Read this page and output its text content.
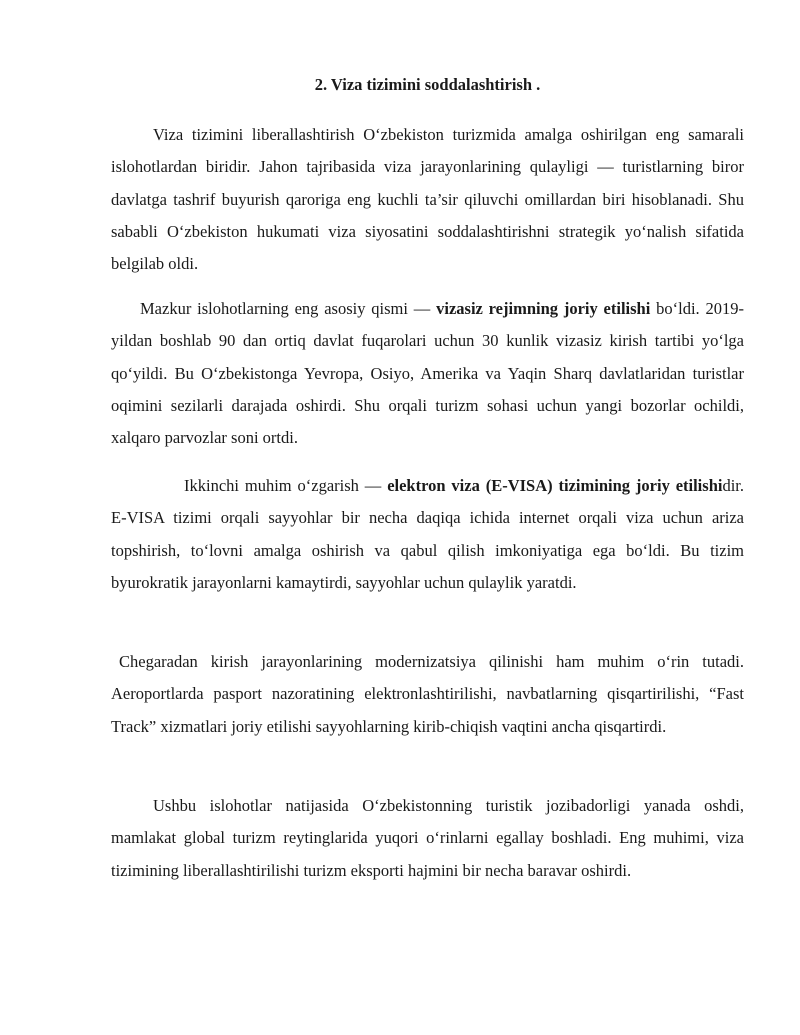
2. Viza tizimini soddalashtirish .

Viza tizimini liberallashtirish O‘zbekiston turizmida amalga oshirilgan eng samarali islohotlardan biridir. Jahon tajribasida viza jarayonlarining qulayligi — turistlarning biror davlatga tashrif buyurish qaroriga eng kuchli ta’sir qiluvchi omillardan biri hisoblanadi. Shu sababli O‘zbekiston hukumati viza siyosatini soddalashtirishni strategik yo‘nalish sifatida belgilab oldi.

Mazkur islohotlarning eng asosiy qismi — vizasiz rejimning joriy etilishi bo‘ldi. 2019-yildan boshlab 90 dan ortiq davlat fuqarolari uchun 30 kunlik vizasiz kirish tartibi yo‘lga qo‘yildi. Bu O‘zbekistonga Yevropa, Osiyo, Amerika va Yaqin Sharq davlatlaridan turistlar oqimini sezilarli darajada oshirdi. Shu orqali turizm sohasi uchun yangi bozorlar ochildi, xalqaro parvozlar soni ortdi.

Ikkinchi muhim o‘zgarish — elektron viza (E-VISA) tizimining joriy etilishidir. E-VISA tizimi orqali sayyohlar bir necha daqiqa ichida internet orqali viza uchun ariza topshirish, to‘lovni amalga oshirish va qabul qilish imkoniyatiga ega bo‘ldi. Bu tizim byurokratik jarayonlarni kamaytirdi, sayyohlar uchun qulaylik yaratdi.

Chegaradan kirish jarayonlarining modernizatsiya qilinishi ham muhim o‘rin tutadi. Aeroportlarda pasport nazoratining elektronlashtirilishi, navbatlarning qisqartirilishi, “Fast Track” xizmatlari joriy etilishi sayyohlarning kirib-chiqish vaqtini ancha qisqartirdi.

Ushbu islohotlar natijasida O‘zbekistonning turistik jozibadorligi yanada oshdi, mamlakat global turizm reytinglarida yuqori o‘rinlarni egallay boshladi. Eng muhimi, viza tizimining liberallashtirilishi turizm eksporti hajmini bir necha baravar oshirdi.
